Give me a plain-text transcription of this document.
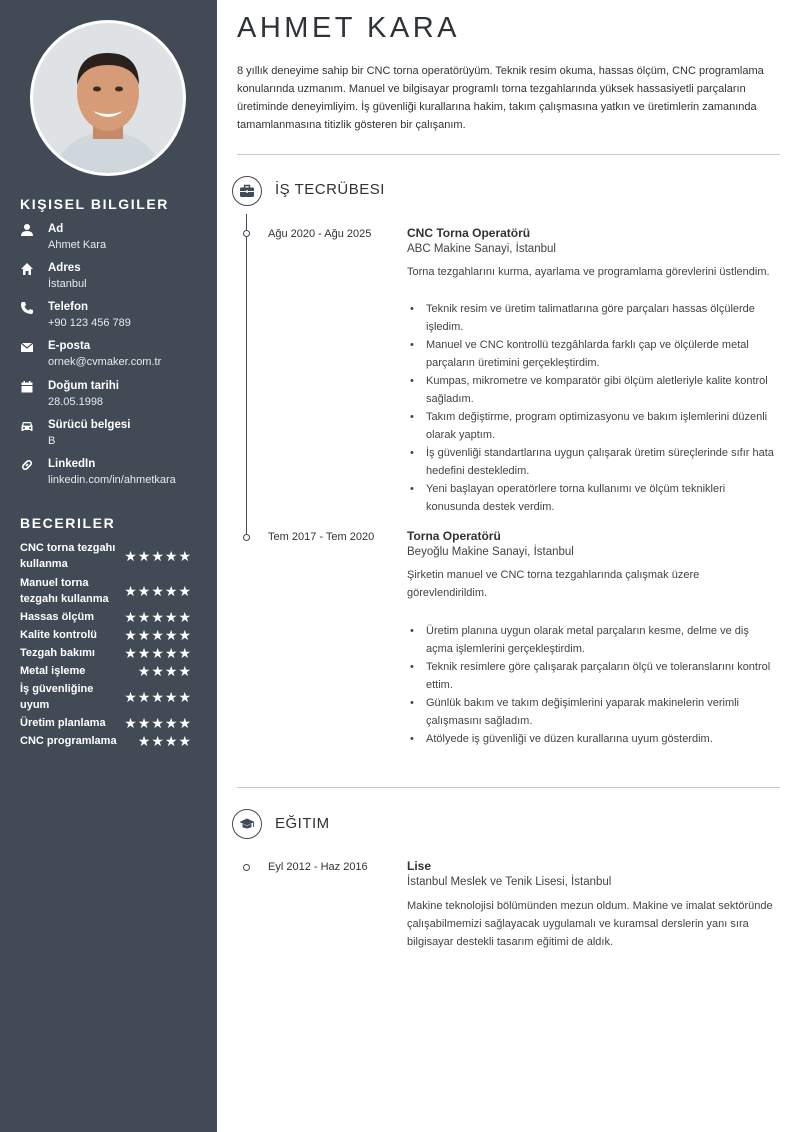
KIŞISEL BILGILER
Ad
Ahmet Kara
Adres
İstanbul
Telefon
+90 123 456 789
E-posta
ornek@cvmaker.com.tr
Doğum tarihi
28.05.1998
Sürücü belgesi
B
LinkedIn
linkedin.com/in/ahmetkara
BECERILER
CNC torna tezgahı kullanma	★★★★★
Manuel torna tezgahı kullanma	★★★★★
Hassas ölçüm	★★★★★
Kalite kontrolü	★★★★★
Tezgah bakımı	★★★★★
Metal işleme	★★★★
İş güvenliğine uyum	★★★★★
Üretim planlama	★★★★★
CNC programlama ★★★★
AHMET KARA

8 yıllık deneyime sahip bir CNC torna operatörüyüm. Teknik resim okuma, hassas ölçüm, CNC programlama konularında uzmanım. Manuel ve bilgisayar programlı torna tezgahlarında yüksek hassasiyetli parçaların üretiminde deneyimliyim. İş güvenliği kurallarına hakim, takım çalışmasına yatkın ve üretimlerin zamanında tamamlanmasına titizlik gösteren bir çalışanım.

İŞ TECRÜBESI
Ağu 2020 - Ağu 2025	CNC Torna Operatörü
ABC Makine Sanayi, İstanbul

Torna tezgahlarını kurma, ayarlama ve programlama görevlerini üstlendim.

• Teknik resim ve üretim talimatlarına göre parçaları hassas ölçülerde işledim.
• Manuel ve CNC kontrollü tezgâhlarda farklı çap ve ölçülerde metal parçaların üretimini gerçekleştirdim.
• Kumpas, mikrometre ve komparatör gibi ölçüm aletleriyle kalite kontrol sağladım.
• Takım değiştirme, program optimizasyonu ve bakım işlemlerini düzenli olarak yaptım.
• İş güvenliği standartlarına uygun çalışarak üretim süreçlerinde sıfır hata hedefini destekledim.
• Yeni başlayan operatörlere torna kullanımı ve ölçüm teknikleri konusunda destek verdim.
Tem 2017 - Tem 2020	Torna Operatörü
Beyoğlu Makine Sanayi, İstanbul

Şirketin manuel ve CNC torna tezgahlarında çalışmak üzere görevlendirildim.

• Üretim planına uygun olarak metal parçaların kesme, delme ve diş açma işlemlerini gerçekleştirdim.
• Teknik resimlere göre çalışarak parçaların ölçü ve toleranslarını kontrol ettim.
• Günlük bakım ve takım değişimlerini yaparak makinelerin verimli çalışmasını sağladım.
• Atölyede iş güvenliği ve düzen kurallarına uyum gösterdim.
EĞITIM
Eyl 2012 - Haz 2016	Lise
İstanbul Meslek ve Tenik Lisesi, İstanbul

Makine teknolojisi bölümünden mezun oldum. Makine ve imalat sektöründe çalışabilmemizi sağlayacak uygulamalı ve kuramsal derslerin yanı sıra bilgisayar destekli tasarım eğitimi de aldık.
